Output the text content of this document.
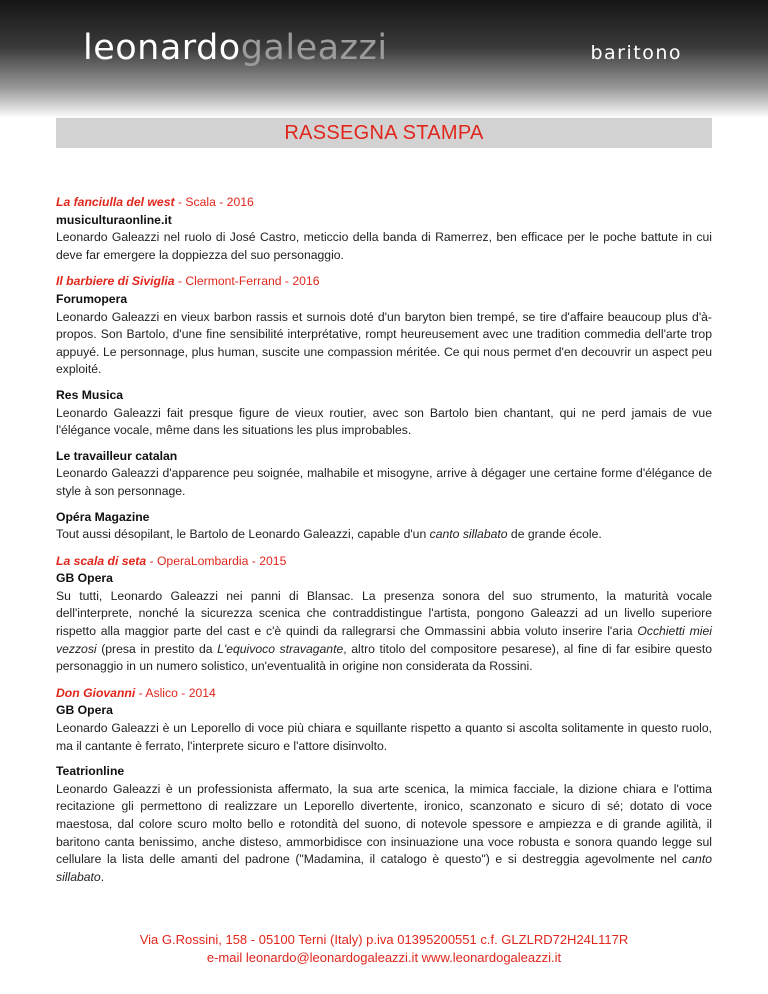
leonardogaleazzi	baritono
RASSEGNA STAMPA
La fanciulla del west - Scala - 2016
musiculturaonline.it
Leonardo Galeazzi nel ruolo di José Castro, meticcio della banda di Ramerrez, ben efficace per le poche battute in cui deve far emergere la doppiezza del suo personaggio.
Il barbiere di Siviglia - Clermont-Ferrand - 2016
Forumopera
Leonardo Galeazzi en vieux barbon rassis et surnois doté d'un baryton bien trempé, se tire d'affaire beaucoup plus d'à-propos. Son Bartolo, d'une fine sensibilité interprétative, rompt heureusement avec une tradition commedia dell'arte trop appuyé. Le personnage, plus human, suscite une compassion méritée. Ce qui nous permet d'en decouvrir un aspect peu exploité.
Res Musica
Leonardo Galeazzi fait presque figure de vieux routier, avec son Bartolo bien chantant, qui ne perd jamais de vue l'élégance vocale, même dans les situations les plus improbables.
Le travailleur catalan
Leonardo Galeazzi d'apparence peu soignée, malhabile et misogyne, arrive à dégager une certaine forme d'élégance de style à son personnage.
Opéra Magazine
Tout aussi désopilant, le Bartolo de Leonardo Galeazzi, capable d'un canto sillabato de grande école.
La scala di seta - OperaLombardia - 2015
GB Opera
Su tutti, Leonardo Galeazzi nei panni di Blansac. La presenza sonora del suo strumento, la maturità vocale dell'interprete, nonché la sicurezza scenica che contraddistingue l'artista, pongono Galeazzi ad un livello superiore rispetto alla maggior parte del cast e c'è quindi da rallegrarsi che Ommassini abbia voluto inserire l'aria Occhietti miei vezzosi (presa in prestito da L'equivoco stravagante, altro titolo del compositore pesarese), al fine di far esibire questo personaggio in un numero solistico, un'eventualità in origine non considerata da Rossini.
Don Giovanni - Aslico - 2014
GB Opera
Leonardo Galeazzi è un Leporello di voce più chiara e squillante rispetto a quanto si ascolta solitamente in questo ruolo, ma il cantante è ferrato, l'interprete sicuro e l'attore disinvolto.
Teatrionline
Leonardo Galeazzi è un professionista affermato, la sua arte scenica, la mimica facciale, la dizione chiara e l'ottima recitazione gli permettono di realizzare un Leporello divertente, ironico, scanzonato e sicuro di sé; dotato di voce maestosa, dal colore scuro molto bello e rotondità del suono, di notevole spessore e ampiezza e di grande agilità, il baritono canta benissimo, anche disteso, ammorbidisce con insinuazione una voce robusta e sonora quando legge sul cellulare la lista delle amanti del padrone ("Madamina, il catalogo è questo") e si destreggia agevolmente nel canto sillabato.
Via G.Rossini, 158 - 05100 Terni (Italy) p.iva 01395200551 c.f. GLZLRD72H24L117R
e-mail leonardo@leonardogaleazzi.it www.leonardogaleazzi.it
